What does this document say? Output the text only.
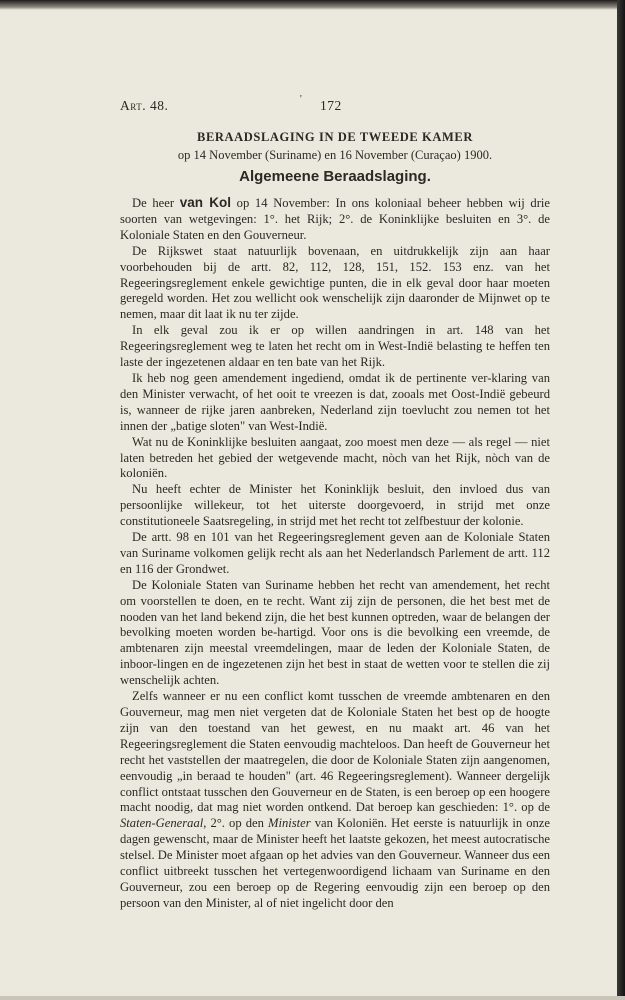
Art. 48.	' 172
BERAADSLAGING IN DE TWEEDE KAMER
op 14 November (Suriname) en 16 November (Curaçao) 1900.
Algemeene Beraadslaging.

De heer van Kol op 14 November: In ons koloniaal beheer hebben wij drie soorten van wetgevingen: 1°. het Rijk; 2°. de Koninklijke besluiten en 3°. de Koloniale Staten en den Gouverneur.

De Rijkswet staat natuurlijk bovenaan, en uitdrukkelijk zijn aan haar voorbehouden bij de artt. 82, 112, 128, 151, 152. 153 enz. van het Regeeringsreglement enkele gewichtige punten, die in elk geval door haar moeten geregeld worden. Het zou wellicht ook wenschelijk zijn daaronder de Mijnwet op te nemen, maar dit laat ik nu ter zijde.

In elk geval zou ik er op willen aandringen in art. 148 van het Regeeringsreglement weg te laten het recht om in West-Indië belasting te heffen ten laste der ingezetenen aldaar en ten bate van het Rijk.

Ik heb nog geen amendement ingediend, omdat ik de pertinente ver-klaring van den Minister verwacht, of het ooit te vreezen is dat, zooals met Oost-Indië gebeurd is, wanneer de rijke jaren aanbreken, Nederland zijn toevlucht zou nemen tot het innen der „batige sloten" van West-Indië.

Wat nu de Koninklijke besluiten aangaat, zoo moest men deze — als regel — niet laten betreden het gebied der wetgevende macht, nòch van het Rijk, nòch van de koloniën.

Nu heeft echter de Minister het Koninklijk besluit, den invloed dus van persoonlijke willekeur, tot het uiterste doorgevoerd, in strijd met onze constitutioneele Saatsregeling, in strijd met het recht tot zelfbestuur der kolonie.

De artt. 98 en 101 van het Regeeringsreglement geven aan de Koloniale Staten van Suriname volkomen gelijk recht als aan het Nederlandsch Parlement de artt. 112 en 116 der Grondwet.

De Koloniale Staten van Suriname hebben het recht van amendement, het recht om voorstellen te doen, en te recht. Want zij zijn de personen, die het best met de nooden van het land bekend zijn, die het best kunnen optreden, waar de belangen der bevolking moeten worden be-hartigd. Voor ons is die bevolking een vreemde, de ambtenaren zijn meestal vreemdelingen, maar de leden der Koloniale Staten, de inboor-lingen en de ingezetenen zijn het best in staat de wetten voor te stellen die zij wenschelijk achten.

Zelfs wanneer er nu een conflict komt tusschen de vreemde ambtenaren en den Gouverneur, mag men niet vergeten dat de Koloniale Staten het best op de hoogte zijn van den toestand van het gewest, en nu maakt art. 46 van het Regeeringsreglement die Staten eenvoudig machteloos. Dan heeft de Gouverneur het recht het vaststellen der maatregelen, die door de Koloniale Staten zijn aangenomen, eenvoudig „in beraad te houden" (art. 46 Regeeringsreglement). Wanneer dergelijk conflict ontstaat tusschen den Gouverneur en de Staten, is een beroep op een hoogere macht noodig, dat mag niet worden ontkend. Dat beroep kan geschieden: 1°. op de Staten-Generaal, 2°. op den Minister van Koloniën. Het eerste is natuurlijk in onze dagen gewenscht, maar de Minister heeft het laatste gekozen, het meest autocratische stelsel. De Minister moet afgaan op het advies van den Gouverneur. Wanneer dus een conflict uitbreekt tusschen het vertegenwoordigend lichaam van Suriname en den Gouverneur, zou een beroep op de Regering eenvoudig zijn een beroep op den persoon van den Minister, al of niet ingelicht door den
